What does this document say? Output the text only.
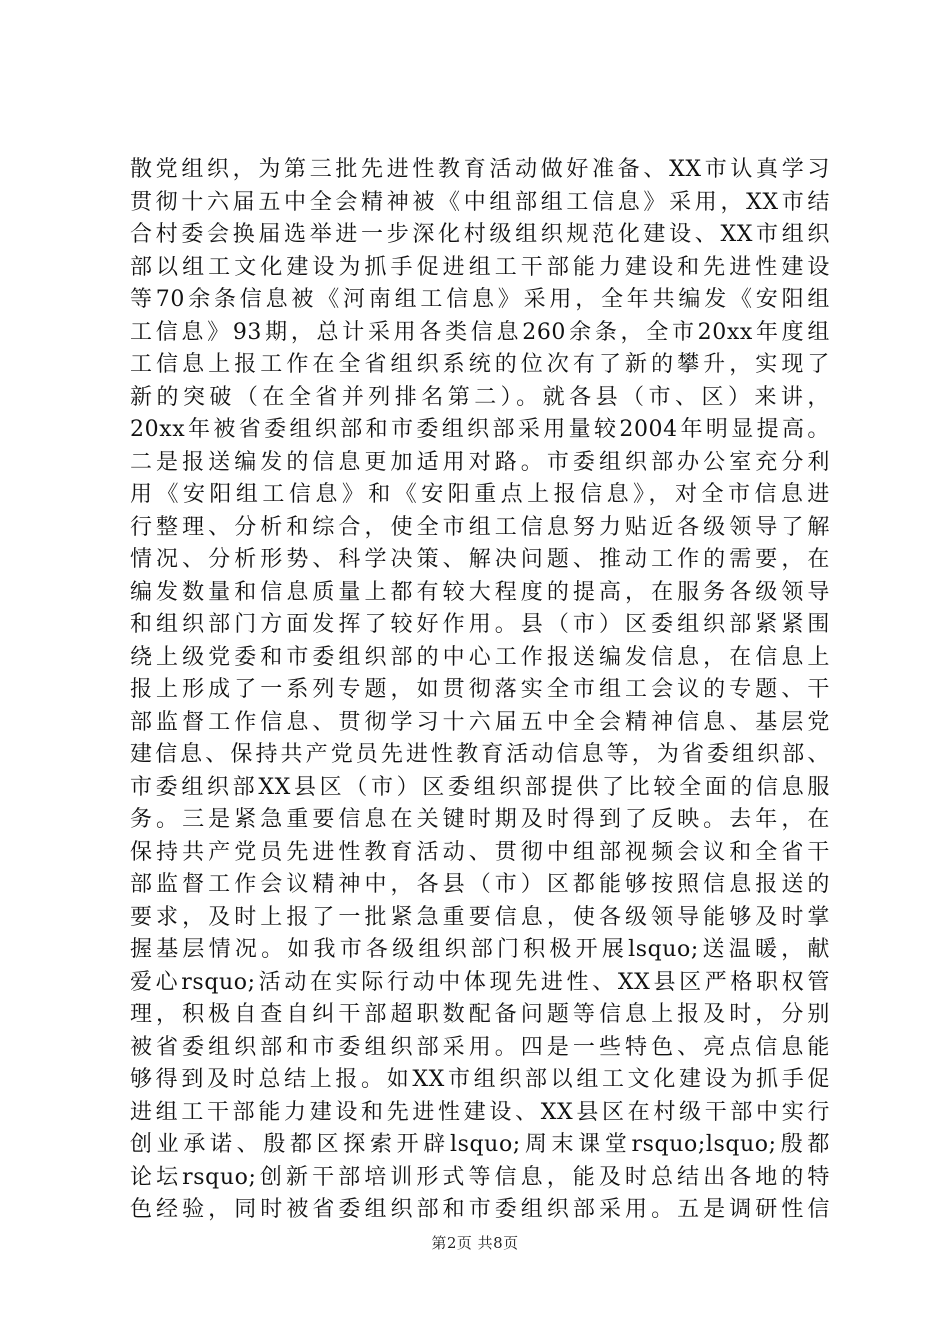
散党组织，为第三批先进性教育活动做好准备、XX市认真学习
贯彻十六届五中全会精神被《中组部组工信息》采用，XX市结
合村委会换届选举进一步深化村级组织规范化建设、XX市组织
部以组工文化建设为抓手促进组工干部能力建设和先进性建设
等70余条信息被《河南组工信息》采用，全年共编发《安阳组
工信息》93期，总计采用各类信息260余条，全市20xx年度组
工信息上报工作在全省组织系统的位次有了新的攀升，实现了
新的突破（在全省并列排名第二）。就各县（市、区）来讲，
20xx年被省委组织部和市委组织部采用量较2004年明显提高。
二是报送编发的信息更加适用对路。市委组织部办公室充分利
用《安阳组工信息》和《安阳重点上报信息》，对全市信息进
行整理、分析和综合，使全市组工信息努力贴近各级领导了解
情况、分析形势、科学决策、解决问题、推动工作的需要，在
编发数量和信息质量上都有较大程度的提高，在服务各级领导
和组织部门方面发挥了较好作用。县（市）区委组织部紧紧围
绕上级党委和市委组织部的中心工作报送编发信息，在信息上
报上形成了一系列专题，如贯彻落实全市组工会议的专题、干
部监督工作信息、贯彻学习十六届五中全会精神信息、基层党
建信息、保持共产党员先进性教育活动信息等，为省委组织部、
市委组织部XX县区（市）区委组织部提供了比较全面的信息服
务。三是紧急重要信息在关键时期及时得到了反映。去年，在
保持共产党员先进性教育活动、贯彻中组部视频会议和全省干
部监督工作会议精神中，各县（市）区都能够按照信息报送的
要求，及时上报了一批紧急重要信息，使各级领导能够及时掌
握基层情况。如我市各级组织部门积极开展lsquo;送温暖，献
爱心rsquo;活动在实际行动中体现先进性、XX县区严格职权管
理，积极自查自纠干部超职数配备问题等信息上报及时，分别
被省委组织部和市委组织部采用。四是一些特色、亮点信息能
够得到及时总结上报。如XX市组织部以组工文化建设为抓手促
进组工干部能力建设和先进性建设、XX县区在村级干部中实行
创业承诺、殷都区探索开辟lsquo;周末课堂rsquo;lsquo;殷都
论坛rsquo;创新干部培训形式等信息，能及时总结出各地的特
色经验，同时被省委组织部和市委组织部采用。五是调研性信
第2页 共8页
